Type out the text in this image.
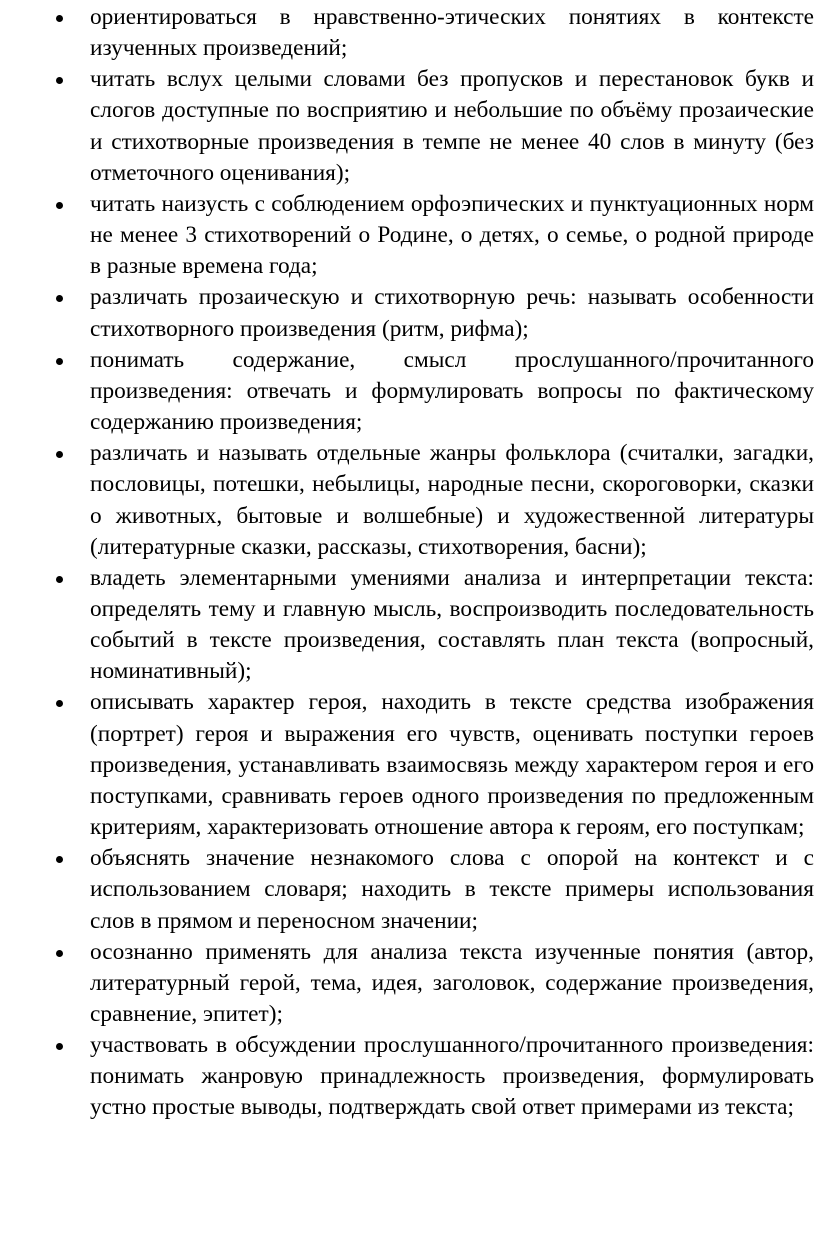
ориентироваться в нравственно-этических понятиях в контексте изученных произведений;
читать вслух целыми словами без пропусков и перестановок букв и слогов доступные по восприятию и небольшие по объёму прозаические и стихотворные произведения в темпе не менее 40 слов в минуту (без отметочного оценивания);
читать наизусть с соблюдением орфоэпических и пунктуационных норм не менее 3 стихотворений о Родине, о детях, о семье, о родной природе в разные времена года;
различать прозаическую и стихотворную речь: называть особенности стихотворного произведения (ритм, рифма);
понимать содержание, смысл прослушанного/прочитанного произведения: отвечать и формулировать вопросы по фактическому содержанию произведения;
различать и называть отдельные жанры фольклора (считалки, загадки, пословицы, потешки, небылицы, народные песни, скороговорки, сказки о животных, бытовые и волшебные) и художественной литературы (литературные сказки, рассказы, стихотворения, басни);
владеть элементарными умениями анализа и интерпретации текста: определять тему и главную мысль, воспроизводить последовательность событий в тексте произведения, составлять план текста (вопросный, номинативный);
описывать характер героя, находить в тексте средства изображения (портрет) героя и выражения его чувств, оценивать поступки героев произведения, устанавливать взаимосвязь между характером героя и его поступками, сравнивать героев одного произведения по предложенным критериям, характеризовать отношение автора к героям, его поступкам;
объяснять значение незнакомого слова с опорой на контекст и с использованием словаря; находить в тексте примеры использования слов в прямом и переносном значении;
осознанно применять для анализа текста изученные понятия (автор, литературный герой, тема, идея, заголовок, содержание произведения, сравнение, эпитет);
участвовать в обсуждении прослушанного/прочитанного произведения: понимать жанровую принадлежность произведения, формулировать устно простые выводы, подтверждать свой ответ примерами из текста;
